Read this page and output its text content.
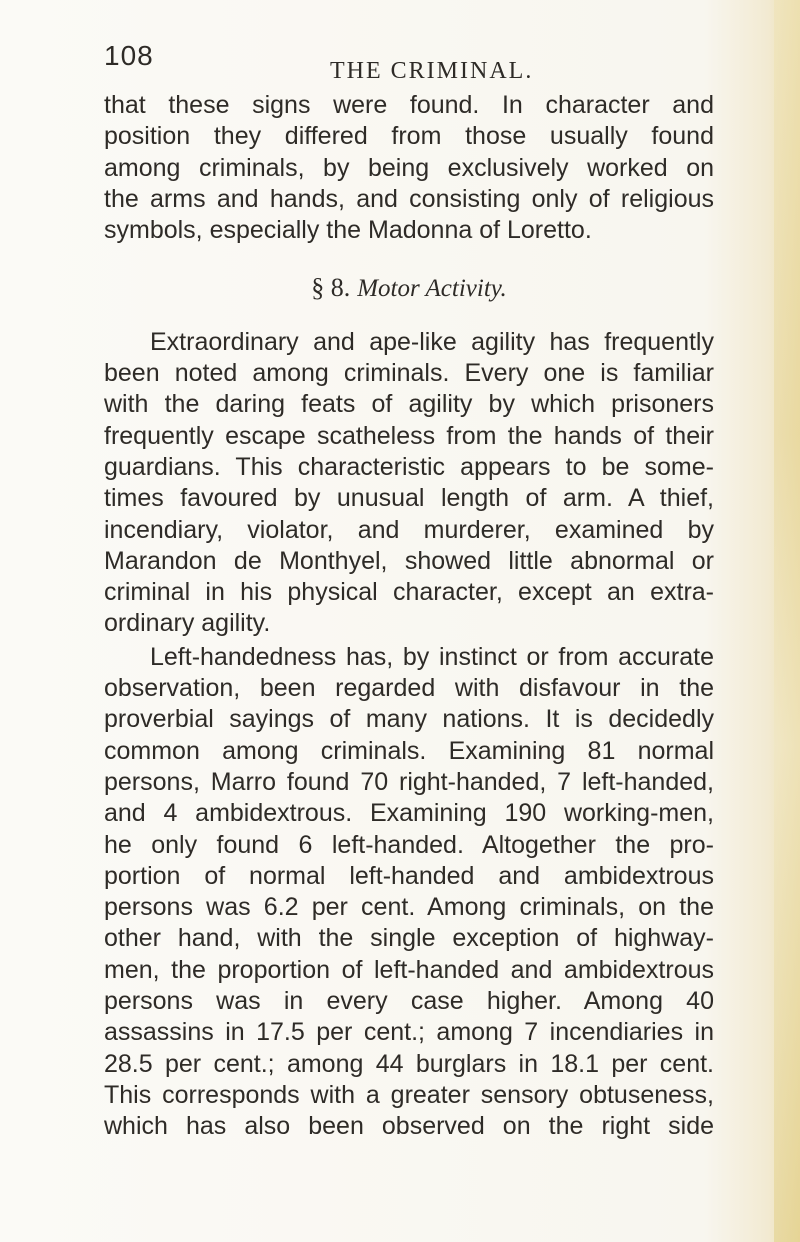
108	THE CRIMINAL.
that these signs were found. In character and
position they differed from those usually found
among criminals, by being exclusively worked on
the arms and hands, and consisting only of religious
symbols, especially the Madonna of Loretto.
§ 8. Motor Activity.
Extraordinary and ape-like agility has frequently
been noted among criminals. Every one is familiar
with the daring feats of agility by which prisoners
frequently escape scatheless from the hands of their
guardians. This characteristic appears to be some-
times favoured by unusual length of arm. A thief,
incendiary, violator, and murderer, examined by
Marandon de Monthyel, showed little abnormal or
criminal in his physical character, except an extra-
ordinary agility.
Left-handedness has, by instinct or from accurate
observation, been regarded with disfavour in the
proverbial sayings of many nations. It is decidedly
common among criminals. Examining 81 normal
persons, Marro found 70 right-handed, 7 left-handed,
and 4 ambidextrous. Examining 190 working-men,
he only found 6 left-handed. Altogether the pro-
portion of normal left-handed and ambidextrous
persons was 6.2 per cent. Among criminals, on the
other hand, with the single exception of highway-
men, the proportion of left-handed and ambidextrous
persons was in every case higher. Among 40
assassins in 17.5 per cent.; among 7 incendiaries in
28.5 per cent.; among 44 burglars in 18.1 per cent.
This corresponds with a greater sensory obtuseness,
which has also been observed on the right side
